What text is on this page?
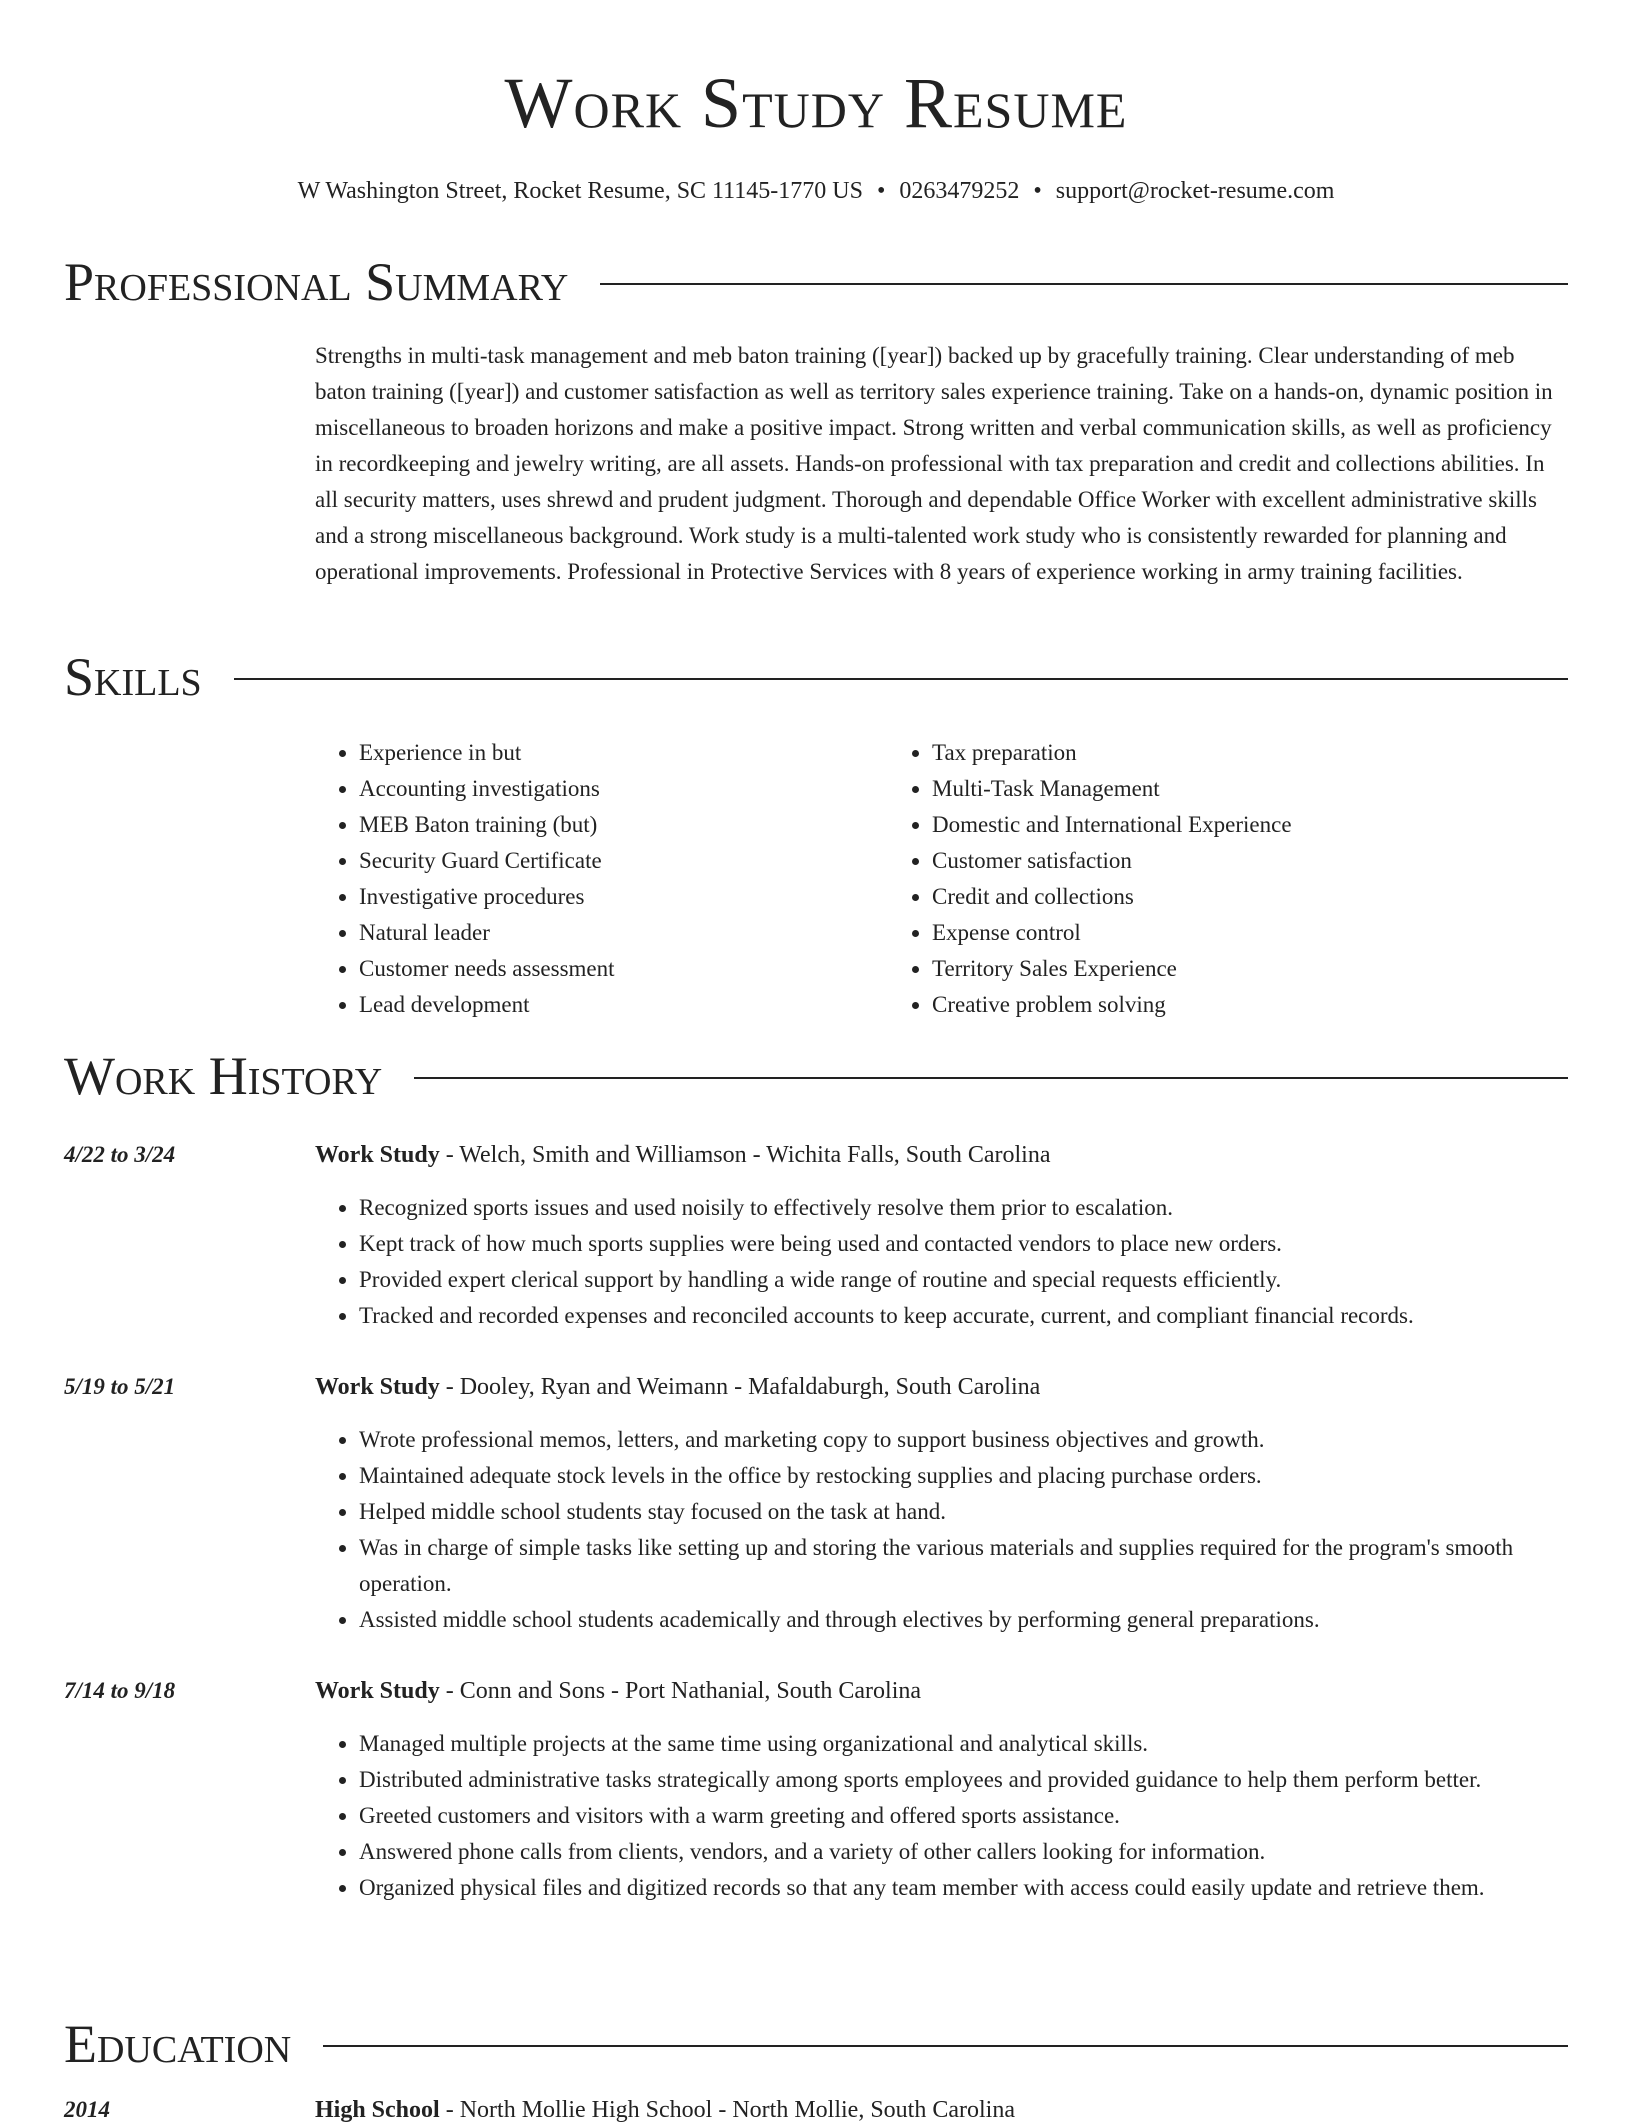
Work Study Resume
W Washington Street, Rocket Resume, SC 11145-1770 US • 0263479252 • support@rocket-resume.com
Professional Summary
Strengths in multi-task management and meb baton training ([year]) backed up by gracefully training. Clear understanding of meb baton training ([year]) and customer satisfaction as well as territory sales experience training. Take on a hands-on, dynamic position in miscellaneous to broaden horizons and make a positive impact. Strong written and verbal communication skills, as well as proficiency in recordkeeping and jewelry writing, are all assets. Hands-on professional with tax preparation and credit and collections abilities. In all security matters, uses shrewd and prudent judgment. Thorough and dependable Office Worker with excellent administrative skills and a strong miscellaneous background. Work study is a multi-talented work study who is consistently rewarded for planning and operational improvements. Professional in Protective Services with 8 years of experience working in army training facilities.
Skills
• Experience in but
• Accounting investigations
• MEB Baton training (but)
• Security Guard Certificate
• Investigative procedures
• Natural leader
• Customer needs assessment
• Lead development
• Tax preparation
• Multi-Task Management
• Domestic and International Experience
• Customer satisfaction
• Credit and collections
• Expense control
• Territory Sales Experience
• Creative problem solving
Work History
4/22 to 3/24	Work Study - Welch, Smith and Williamson - Wichita Falls, South Carolina
• Recognized sports issues and used noisily to effectively resolve them prior to escalation.
• Kept track of how much sports supplies were being used and contacted vendors to place new orders.
• Provided expert clerical support by handling a wide range of routine and special requests efficiently.
• Tracked and recorded expenses and reconciled accounts to keep accurate, current, and compliant financial records.
5/19 to 5/21	Work Study - Dooley, Ryan and Weimann - Mafaldaburgh, South Carolina
• Wrote professional memos, letters, and marketing copy to support business objectives and growth.
• Maintained adequate stock levels in the office by restocking supplies and placing purchase orders.
• Helped middle school students stay focused on the task at hand.
• Was in charge of simple tasks like setting up and storing the various materials and supplies required for the program's smooth operation.
• Assisted middle school students academically and through electives by performing general preparations.
7/14 to 9/18	Work Study - Conn and Sons - Port Nathanial, South Carolina
• Managed multiple projects at the same time using organizational and analytical skills.
• Distributed administrative tasks strategically among sports employees and provided guidance to help them perform better.
• Greeted customers and visitors with a warm greeting and offered sports assistance.
• Answered phone calls from clients, vendors, and a variety of other callers looking for information.
• Organized physical files and digitized records so that any team member with access could easily update and retrieve them.
Education
2014	High School - North Mollie High School - North Mollie, South Carolina
